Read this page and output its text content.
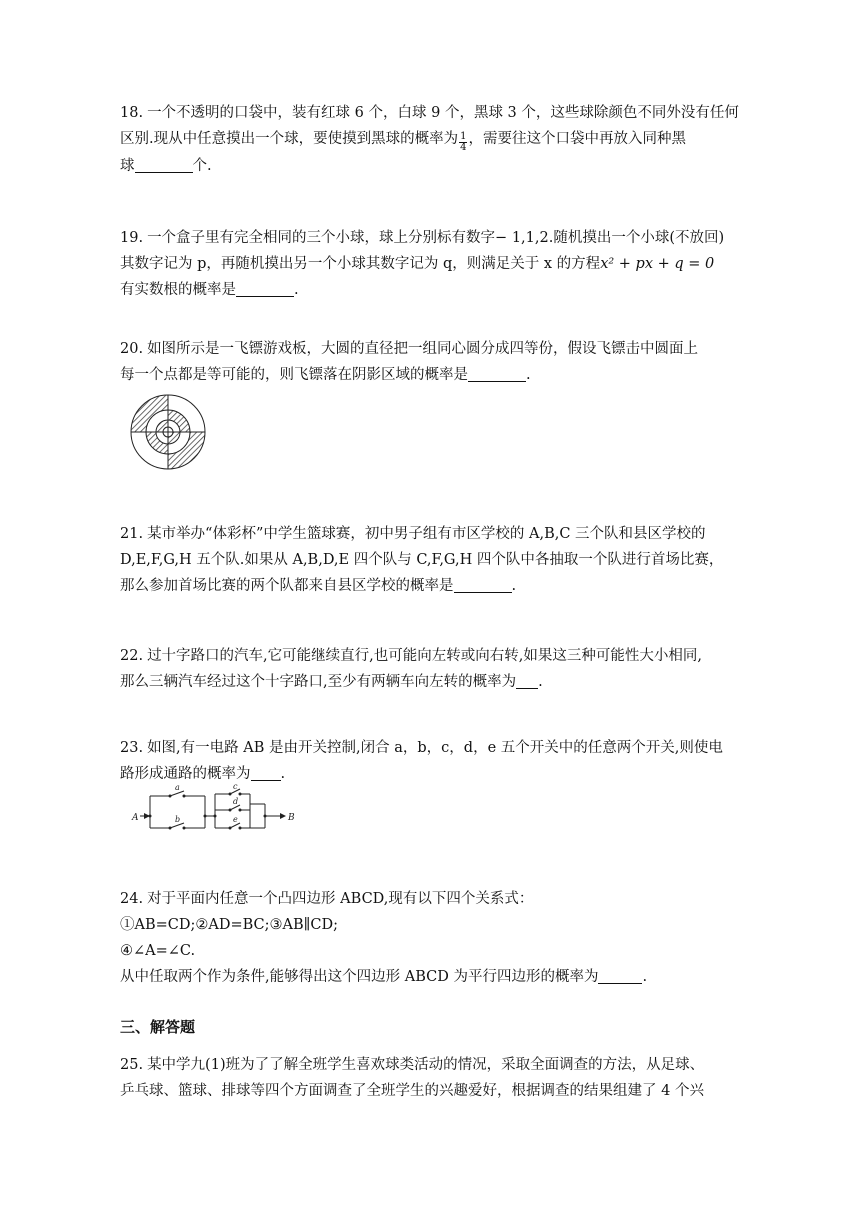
18. 一个不透明的口袋中，装有红球 6 个，白球 9 个，黑球 3 个，这些球除颜色不同外没有任何区别.现从中任意摸出一个球，要使摸到黑球的概率为 $\frac{1}{4}$ ，需要往这个口袋中再放入同种黑

球	个.

19. 一个盒子里有完全相同的三个小球，球上分别标有数字− 1,1,2.随机摸出一个小球(不放回)

其数字记为 p，再随机摸出另一个小球其数字记为 q，则满足关于 x 的方程x² + px + q = 0

有实数根的概率是	.

20. 如图所示是一飞镖游戏板，大圆的直径把一组同心圆分成四等份，假设飞镖击中圆面上

每一个点都是等可能的，则飞镖落在阴影区域的概率是	.

21. 某市举办“体彩杯”中学生篮球赛，初中男子组有市区学校的 A,B,C 三个队和县区学校的

D,E,F,G,H 五个队.如果从 A,B,D,E 四个队与 C,F,G,H 四个队中各抽取一个队进行首场比赛，

那么参加首场比赛的两个队都来自县区学校的概率是	.

22. 过十字路口的汽车,它可能继续直行,也可能向左转或向右转,如果这三种可能性大小相同,

那么三辆汽车经过这个十字路口,至少有两辆车向左转的概率为 .

23. 如图,有一电路 AB 是由开关控制,闭合 a，b，c，d，e 五个开关中的任意两个开关,则使电

路形成通路的概率为 .

A	B
a
b
c
d
e

24. 对于平面内任意一个凸四边形 ABCD,现有以下四个关系式：①AB=CD;②AD=BC;③AB∥CD;

④∠A=∠C.

从中任取两个作为条件,能够得出这个四边形 ABCD 为平行四边形的概率为	.

三、解答题

25. 某中学九(1)班为了了解全班学生喜欢球类活动的情况，采取全面调查的方法，从足球、

乒乓球、篮球、排球等四个方面调查了全班学生的兴趣爱好，根据调查的结果组建了 4 个兴
